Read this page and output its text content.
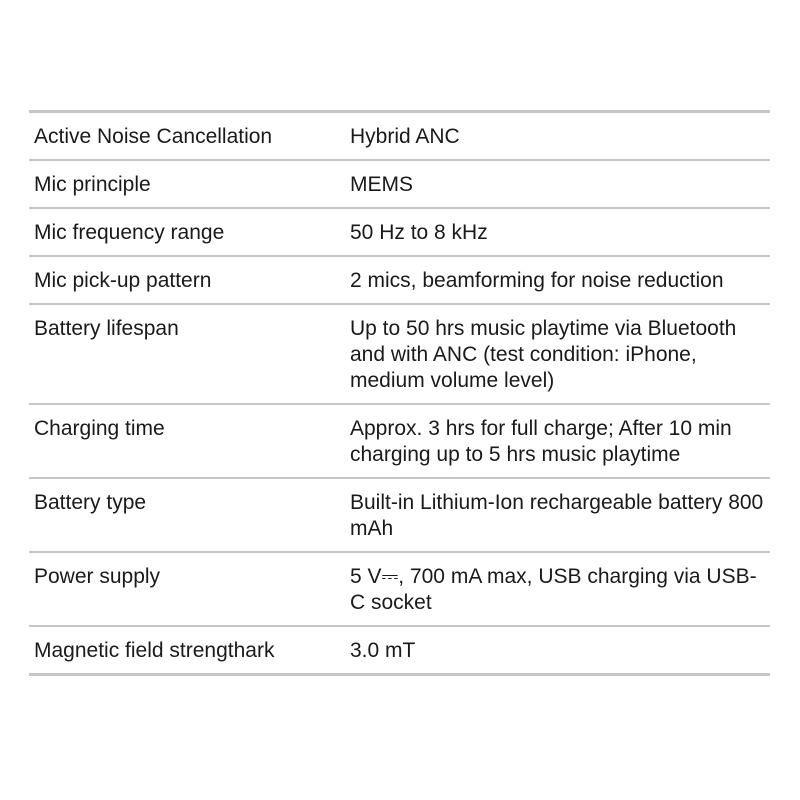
Active Noise Cancellation	Hybrid ANC
Mic principle	MEMS
Mic frequency range	50 Hz to 8 kHz
Mic pick-up pattern	2 mics, beamforming for noise reduction
Battery lifespan	Up to 50 hrs music playtime via Bluetooth and with ANC (test condition: iPhone, medium volume level)
Charging time	Approx. 3 hrs for full charge; After 10 min charging up to 5 hrs music playtime
Battery type	Built-in Lithium-Ion rechargeable battery 800 mAh
Power supply	5 V⎓, 700 mA max, USB charging via USB-C socket
Magnetic field strengthark	3.0 mT
